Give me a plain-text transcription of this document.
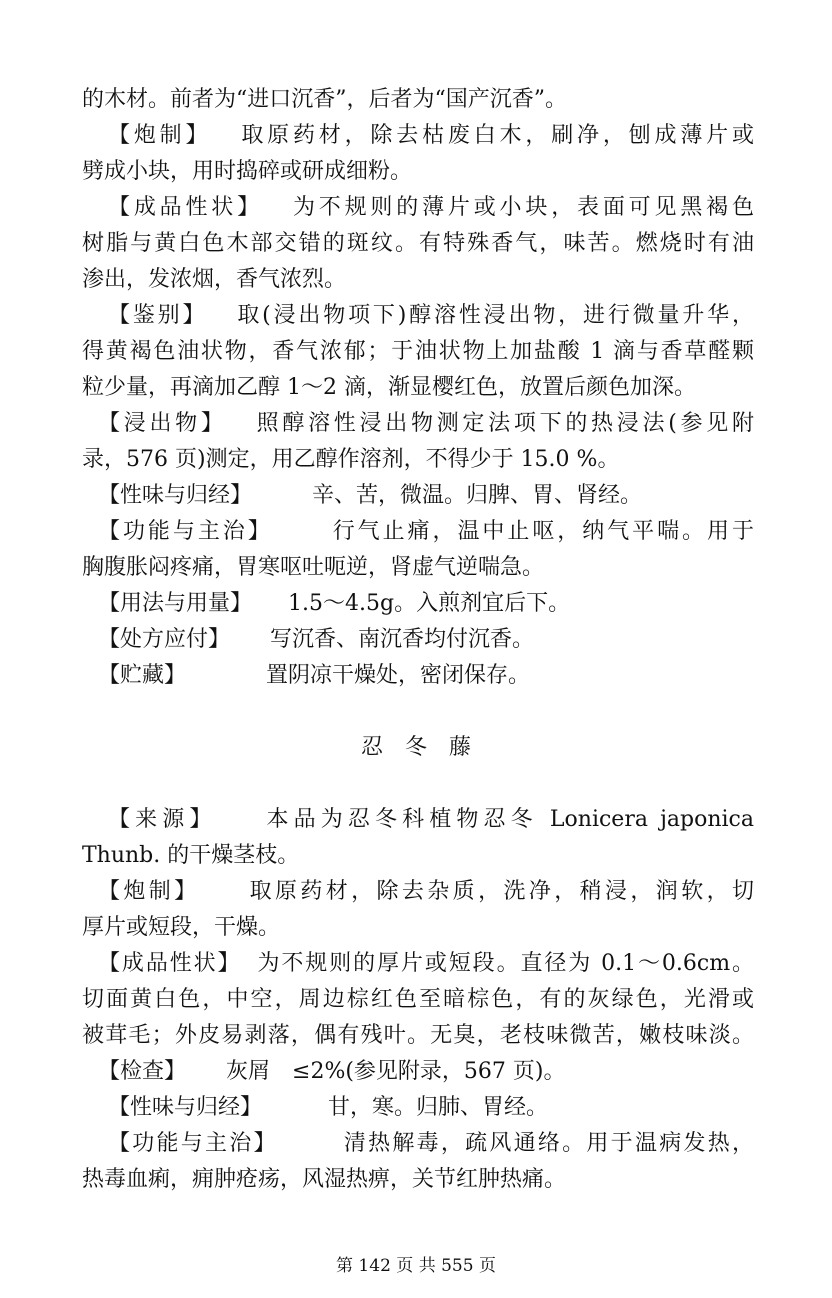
的木材。前者为“进口沉香”，后者为“国产沉香”。
【炮制】 取原药材，除去枯废白木，刷净，刨成薄片或
劈成小块，用时捣碎或研成细粉。
【成品性状】 为不规则的薄片或小块，表面可见黑褐色
树脂与黄白色木部交错的斑纹。有特殊香气，味苦。燃烧时有油
渗出，发浓烟，香气浓烈。
【鉴别】 取(浸出物项下)醇溶性浸出物，进行微量升华，
得黄褐色油状物，香气浓郁；于油状物上加盐酸 1 滴与香草醛颗
粒少量，再滴加乙醇 1～2 滴，渐显樱红色，放置后颜色加深。
【浸出物】 照醇溶性浸出物测定法项下的热浸法(参见附
录，576 页)测定，用乙醇作溶剂，不得少于 15.0 %。
【性味与归经】	辛、苦，微温。归脾、胃、肾经。
【功能与主治】	行气止痛，温中止呕，纳气平喘。用于
胸腹胀闷疼痛，胃寒呕吐呃逆，肾虚气逆喘急。
【用法与用量】 1.5～4.5g。入煎剂宜后下。
【处方应付】 写沉香、南沉香均付沉香。
【贮藏】	置阴凉干燥处，密闭保存。
忍冬藤
【来源】 本品为忍冬科植物忍冬 Lonicera japonica
Thunb. 的干燥茎枝。
【炮制】 取原药材，除去杂质，洗净，稍浸，润软，切
厚片或短段，干燥。
【成品性状】 为不规则的厚片或短段。直径为 0.1～0.6cm。
切面黄白色，中空，周边棕红色至暗棕色，有的灰绿色，光滑或
被茸毛；外皮易剥落，偶有残叶。无臭，老枝味微苦，嫩枝味淡。
【检查】 灰屑　≤2%(参见附录，567 页)。
【性味与归经】	甘，寒。归肺、胃经。
【功能与主治】	清热解毒，疏风通络。用于温病发热，
热毒血痢，痈肿疮疡，风湿热痹，关节红肿热痛。
第 142 页 共 555 页
